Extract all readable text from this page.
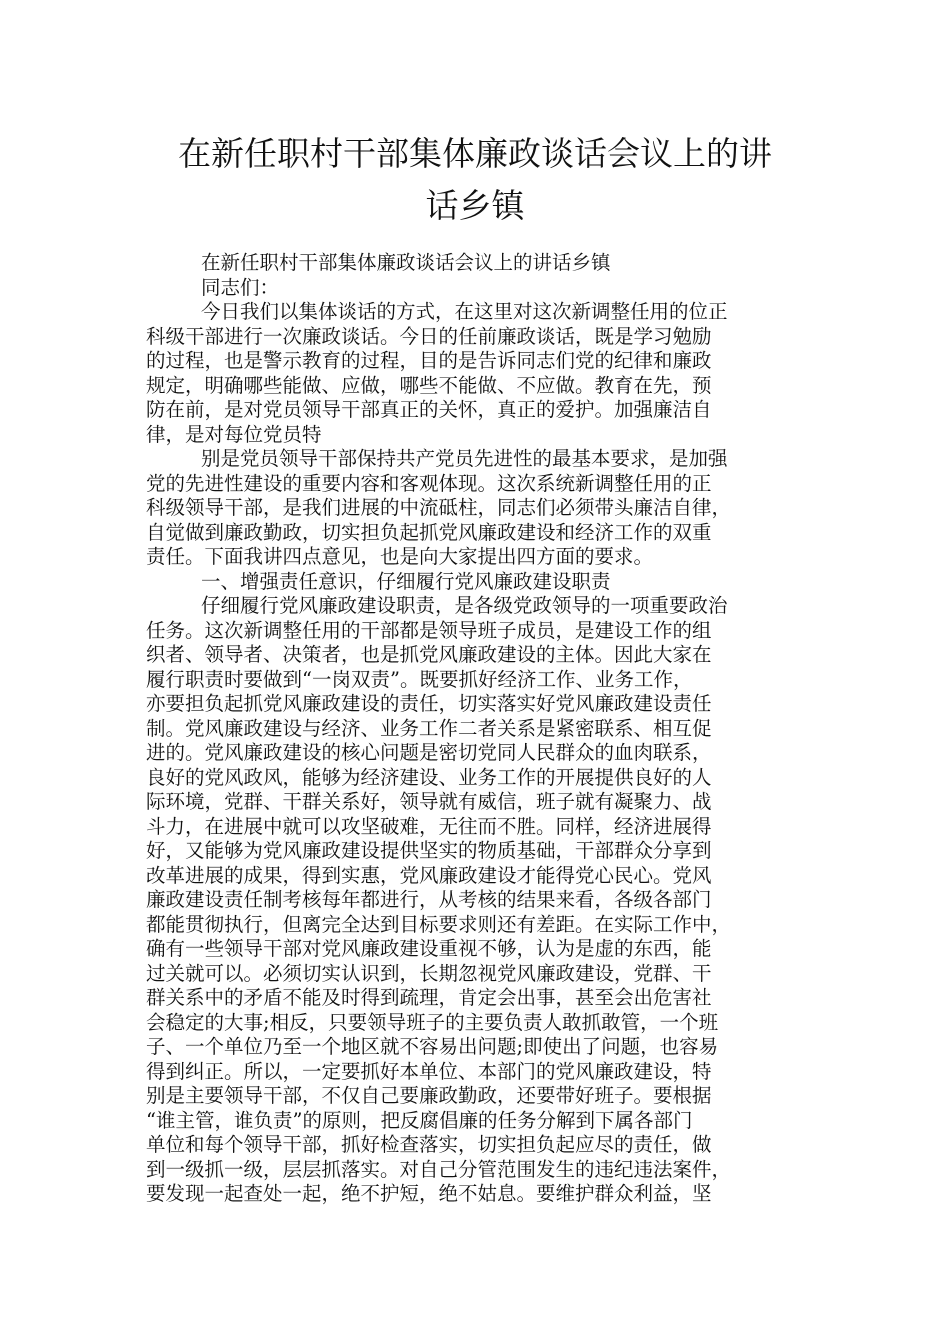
在新任职村干部集体廉政谈话会议上的讲
话乡镇
在新任职村干部集体廉政谈话会议上的讲话乡镇
同志们：
今日我们以集体谈话的方式，在这里对这次新调整任用的位正
科级干部进行一次廉政谈话。今日的任前廉政谈话，既是学习勉励
的过程，也是警示教育的过程，目的是告诉同志们党的纪律和廉政
规定，明确哪些能做、应做，哪些不能做、不应做。教育在先，预
防在前，是对党员领导干部真正的关怀，真正的爱护。加强廉洁自
律，是对每位党员特
别是党员领导干部保持共产党员先进性的最基本要求，是加强
党的先进性建设的重要内容和客观体现。这次系统新调整任用的正
科级领导干部，是我们进展的中流砥柱，同志们必须带头廉洁自律，
自觉做到廉政勤政，切实担负起抓党风廉政建设和经济工作的双重
责任。下面我讲四点意见，也是向大家提出四方面的要求。
一、增强责任意识，仔细履行党风廉政建设职责
仔细履行党风廉政建设职责，是各级党政领导的一项重要政治
任务。这次新调整任用的干部都是领导班子成员，是建设工作的组
织者、领导者、决策者，也是抓党风廉政建设的主体。因此大家在
履行职责时要做到“一岗双责”。既要抓好经济工作、业务工作，
亦要担负起抓党风廉政建设的责任，切实落实好党风廉政建设责任
制。党风廉政建设与经济、业务工作二者关系是紧密联系、相互促
进的。党风廉政建设的核心问题是密切党同人民群众的血肉联系，
良好的党风政风，能够为经济建设、业务工作的开展提供良好的人
际环境，党群、干群关系好，领导就有威信，班子就有凝聚力、战
斗力，在进展中就可以攻坚破难，无往而不胜。同样，经济进展得
好，又能够为党风廉政建设提供坚实的物质基础，干部群众分享到
改革进展的成果，得到实惠，党风廉政建设才能得党心民心。党风
廉政建设责任制考核每年都进行，从考核的结果来看，各级各部门
都能贯彻执行，但离完全达到目标要求则还有差距。在实际工作中，
确有一些领导干部对党风廉政建设重视不够，认为是虚的东西，能
过关就可以。必须切实认识到，长期忽视党风廉政建设，党群、干
群关系中的矛盾不能及时得到疏理，肯定会出事，甚至会出危害社
会稳定的大事;相反，只要领导班子的主要负责人敢抓敢管，一个班
子、一个单位乃至一个地区就不容易出问题;即使出了问题，也容易
得到纠正。所以，一定要抓好本单位、本部门的党风廉政建设，特
别是主要领导干部，不仅自己要廉政勤政，还要带好班子。要根据
“谁主管，谁负责”的原则，把反腐倡廉的任务分解到下属各部门
单位和每个领导干部，抓好检查落实，切实担负起应尽的责任，做
到一级抓一级，层层抓落实。对自己分管范围发生的违纪违法案件，
要发现一起查处一起，绝不护短，绝不姑息。要维护群众利益，坚
